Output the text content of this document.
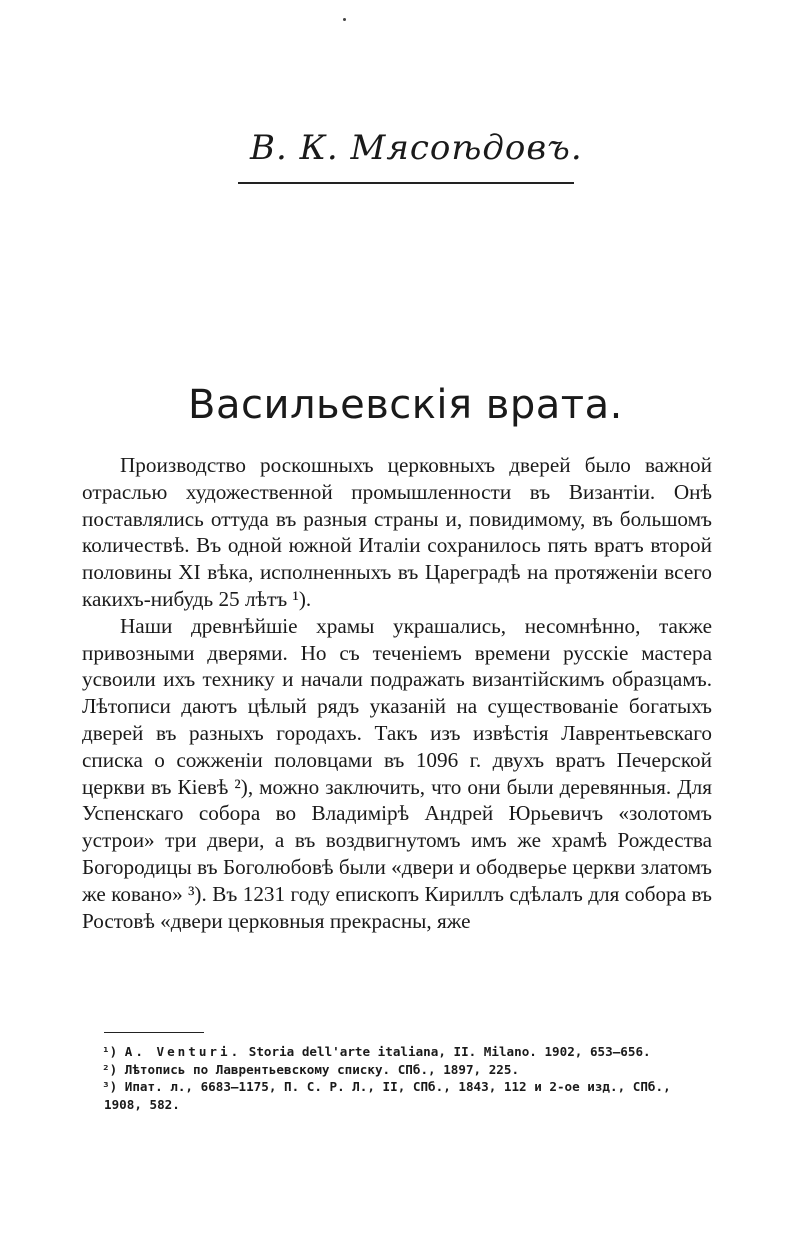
В. К. Мясоѣдовъ.
Васильевскія врата.

Производство роскошныхъ церковныхъ дверей было важной отраслью художественной промышленности въ Византіи. Онѣ поставлялись оттуда въ разныя страны и, повидимому, въ большомъ количествѣ. Въ одной южной Италіи сохранилось пять вратъ второй половины XI вѣка, исполненныхъ въ Цареградѣ на протяженіи всего какихъ-нибудь 25 лѣтъ ¹).

Наши древнѣйшіе храмы украшались, несомнѣнно, также привозными дверями. Но съ теченіемъ времени русскіе мастера усвоили ихъ технику и начали подражать византійскимъ образцамъ. Лѣтописи даютъ цѣлый рядъ указаній на существованіе богатыхъ дверей въ разныхъ городахъ. Такъ изъ извѣстія Лаврентьевскаго списка о сожженіи половцами въ 1096 г. двухъ вратъ Печерской церкви въ Кіевѣ ²), можно заключить, что они были деревянныя. Для Успенскаго собора во Владимірѣ Андрей Юрьевичъ «золотомъ устрои» три двери, а въ воздвигнутомъ имъ же храмѣ Рождества Богородицы въ Боголюбовѣ были «двери и ободверье церкви златомъ же ковано» ³). Въ 1231 году епископъ Кириллъ сдѣлалъ для собора въ Ростовѣ «двери церковныя прекрасны, яже

¹) A. Venturi. Storia dell'arte italiana, II. Milano. 1902, 653—656.

²) Лѣтопись по Лаврентьевскому списку. СПб., 1897, 225.

³) Ипат. л., 6683—1175, П. С. Р. Л., II, СПб., 1843, 112 и 2-ое изд., СПб., 1908, 582.
